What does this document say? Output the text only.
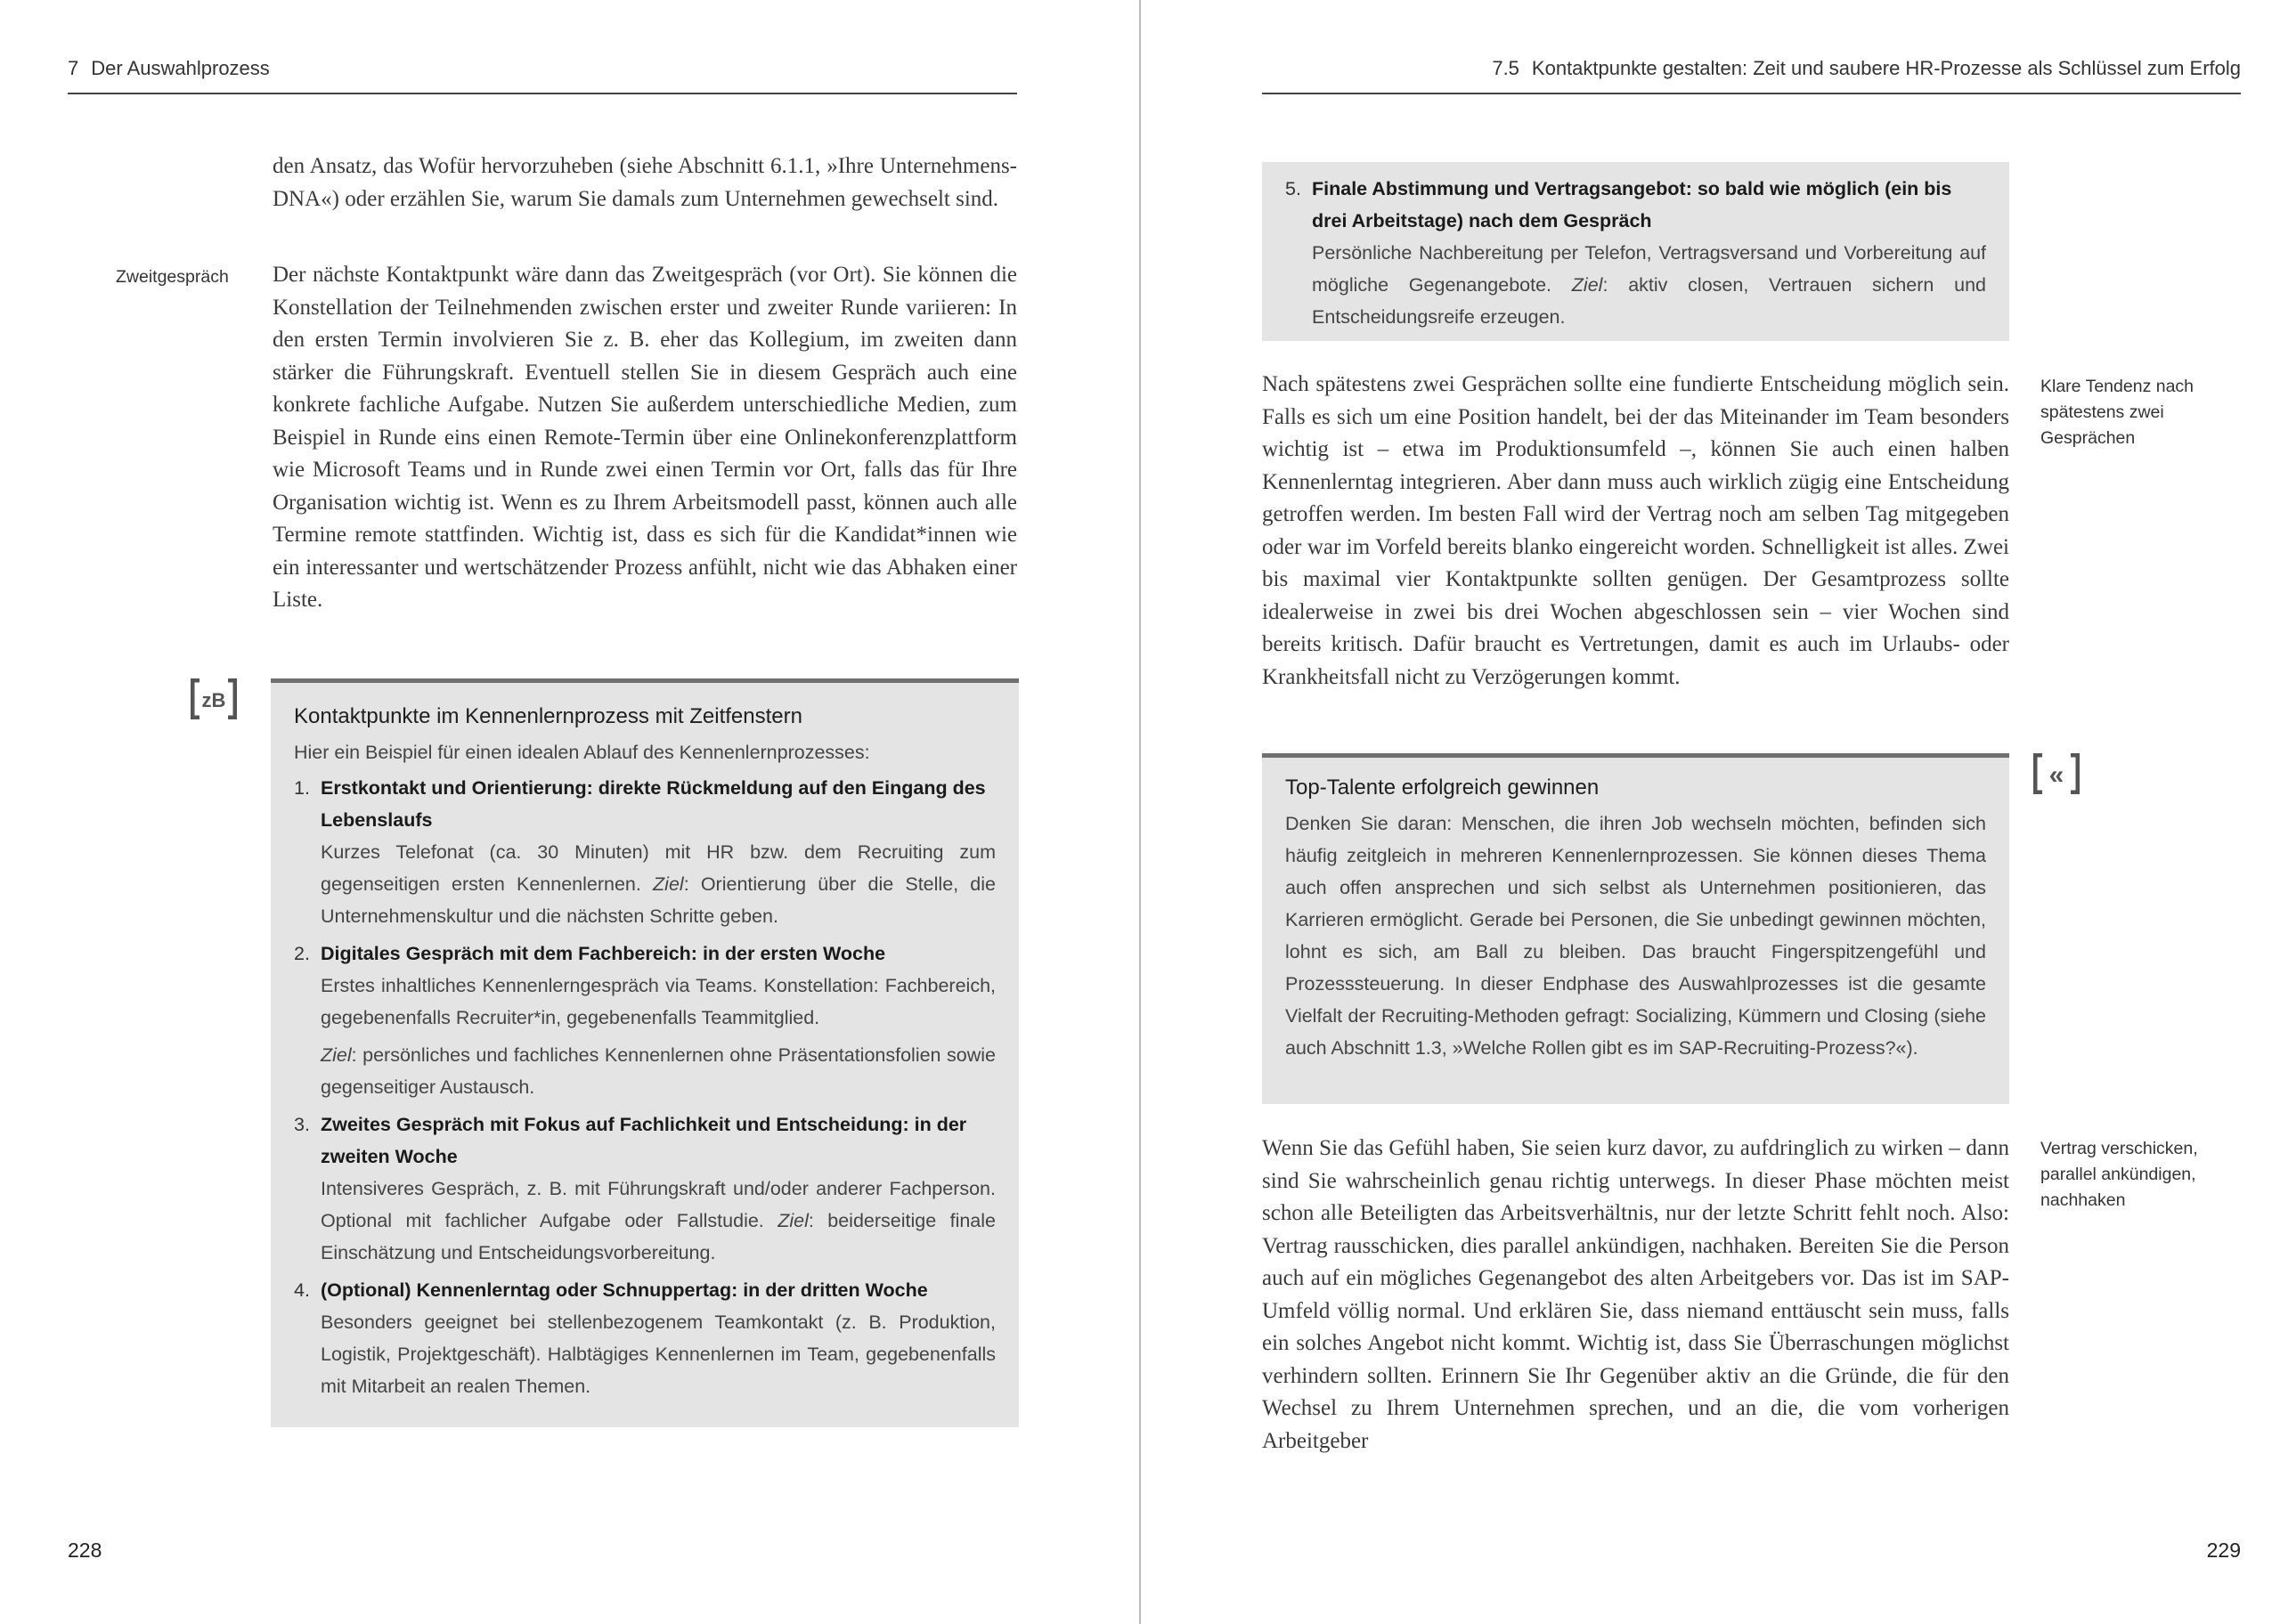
7 Der Auswahlprozess

den Ansatz, das Wofür hervorzuheben (siehe Abschnitt 6.1.1, »Ihre Unternehmens-DNA«) oder erzählen Sie, warum Sie damals zum Unternehmen gewechselt sind.

Zweitgespräch	Der nächste Kontaktpunkt wäre dann das Zweitgespräch (vor Ort). Sie können die Konstellation der Teilnehmenden zwischen erster und zweiter Runde variieren: In den ersten Termin involvieren Sie z. B. eher das Kollegium, im zweiten dann stärker die Führungskraft. Eventuell stellen Sie in diesem Gespräch auch eine konkrete fachliche Aufgabe. Nutzen Sie außerdem unterschiedliche Medien, zum Beispiel in Runde eins einen Remote-Termin über eine Onlinekonferenzplattform wie Microsoft Teams und in Runde zwei einen Termin vor Ort, falls das für Ihre Organisation wichtig ist. Wenn es zu Ihrem Arbeitsmodell passt, können auch alle Termine remote stattfinden. Wichtig ist, dass es sich für die Kandidat*innen wie ein interessanter und wertschätzender Prozess anfühlt, nicht wie das Abhaken einer Liste.

zB
Kontaktpunkte im Kennenlernprozess mit Zeitfenstern
Hier ein Beispiel für einen idealen Ablauf des Kennenlernprozesses:
1. Erstkontakt und Orientierung: direkte Rückmeldung auf den Eingang des Lebenslaufs

Kurzes Telefonat (ca. 30 Minuten) mit HR bzw. dem Recruiting zum gegenseitigen ersten Kennenlernen. Ziel: Orientierung über die Stelle, die Unternehmenskultur und die nächsten Schritte geben.

2. Digitales Gespräch mit dem Fachbereich: in der ersten Woche

Erstes inhaltliches Kennenlerngespräch via Teams. Konstellation: Fachbereich, gegebenenfalls Recruiter*in, gegebenenfalls Teammitglied.

Ziel: persönliches und fachliches Kennenlernen ohne Präsentationsfolien sowie gegenseitiger Austausch.

3. Zweites Gespräch mit Fokus auf Fachlichkeit und Entscheidung: in der zweiten Woche

Intensiveres Gespräch, z. B. mit Führungskraft und/oder anderer Fachperson. Optional mit fachlicher Aufgabe oder Fallstudie. Ziel: beiderseitige finale Einschätzung und Entscheidungsvorbereitung.

4. (Optional) Kennenlerntag oder Schnuppertag: in der dritten Woche

Besonders geeignet bei stellenbezogenem Teamkontakt (z. B. Produktion, Logistik, Projektgeschäft). Halbtägiges Kennenlernen im Team, gegebenenfalls mit Mitarbeit an realen Themen.

228
7.5 Kontaktpunkte gestalten: Zeit und saubere HR-Prozesse als Schlüssel zum Erfolg
5. Finale Abstimmung und Vertragsangebot: so bald wie möglich (ein bis drei Arbeitstage) nach dem Gespräch

Persönliche Nachbereitung per Telefon, Vertragsversand und Vorbereitung auf mögliche Gegenangebote. Ziel: aktiv closen, Vertrauen sichern und Entscheidungsreife erzeugen.

Nach spätestens zwei Gesprächen sollte eine fundierte Entscheidung möglich sein. Falls es sich um eine Position handelt, bei der das Miteinander im Team besonders wichtig ist – etwa im Produktionsumfeld –, können Sie auch einen halben Kennenlerntag integrieren. Aber dann muss auch wirklich zügig eine Entscheidung getroffen werden. Im besten Fall wird der Vertrag noch am selben Tag mitgegeben oder war im Vorfeld bereits blanko eingereicht worden. Schnelligkeit ist alles. Zwei bis maximal vier Kontaktpunkte sollten genügen. Der Gesamtprozess sollte idealerweise in zwei bis drei Wochen abgeschlossen sein – vier Wochen sind bereits kritisch. Dafür braucht es Vertretungen, damit es auch im Urlaubs- oder Krankheitsfall nicht zu Verzögerungen kommt.

Klare Tendenz nach spätestens zwei Gesprächen
«
Top-Talente erfolgreich gewinnen

Denken Sie daran: Menschen, die ihren Job wechseln möchten, befinden sich häufig zeitgleich in mehreren Kennenlernprozessen. Sie können dieses Thema auch offen ansprechen und sich selbst als Unternehmen positionieren, das Karrieren ermöglicht. Gerade bei Personen, die Sie unbedingt gewinnen möchten, lohnt es sich, am Ball zu bleiben. Das braucht Fingerspitzengefühl und Prozesssteuerung. In dieser Endphase des Auswahlprozesses ist die gesamte Vielfalt der Recruiting-Methoden gefragt: Socializing, Kümmern und Closing (siehe auch Abschnitt 1.3, »Welche Rollen gibt es im SAP-Recruiting-Prozess?«).

Wenn Sie das Gefühl haben, Sie seien kurz davor, zu aufdringlich zu wirken – dann sind Sie wahrscheinlich genau richtig unterwegs. In dieser Phase möchten meist schon alle Beteiligten das Arbeitsverhältnis, nur der letzte Schritt fehlt noch. Also: Vertrag rausschicken, dies parallel ankündigen, nachhaken. Bereiten Sie die Person auch auf ein mögliches Gegenangebot des alten Arbeitgebers vor. Das ist im SAP-Umfeld völlig normal. Und erklären Sie, dass niemand enttäuscht sein muss, falls ein solches Angebot nicht kommt. Wichtig ist, dass Sie Überraschungen möglichst verhindern sollten. Erinnern Sie Ihr Gegenüber aktiv an die Gründe, die für den Wechsel zu Ihrem Unternehmen sprechen, und an die, die vom vorherigen Arbeitgeber

Vertrag verschicken, parallel ankündigen, nachhaken
229
